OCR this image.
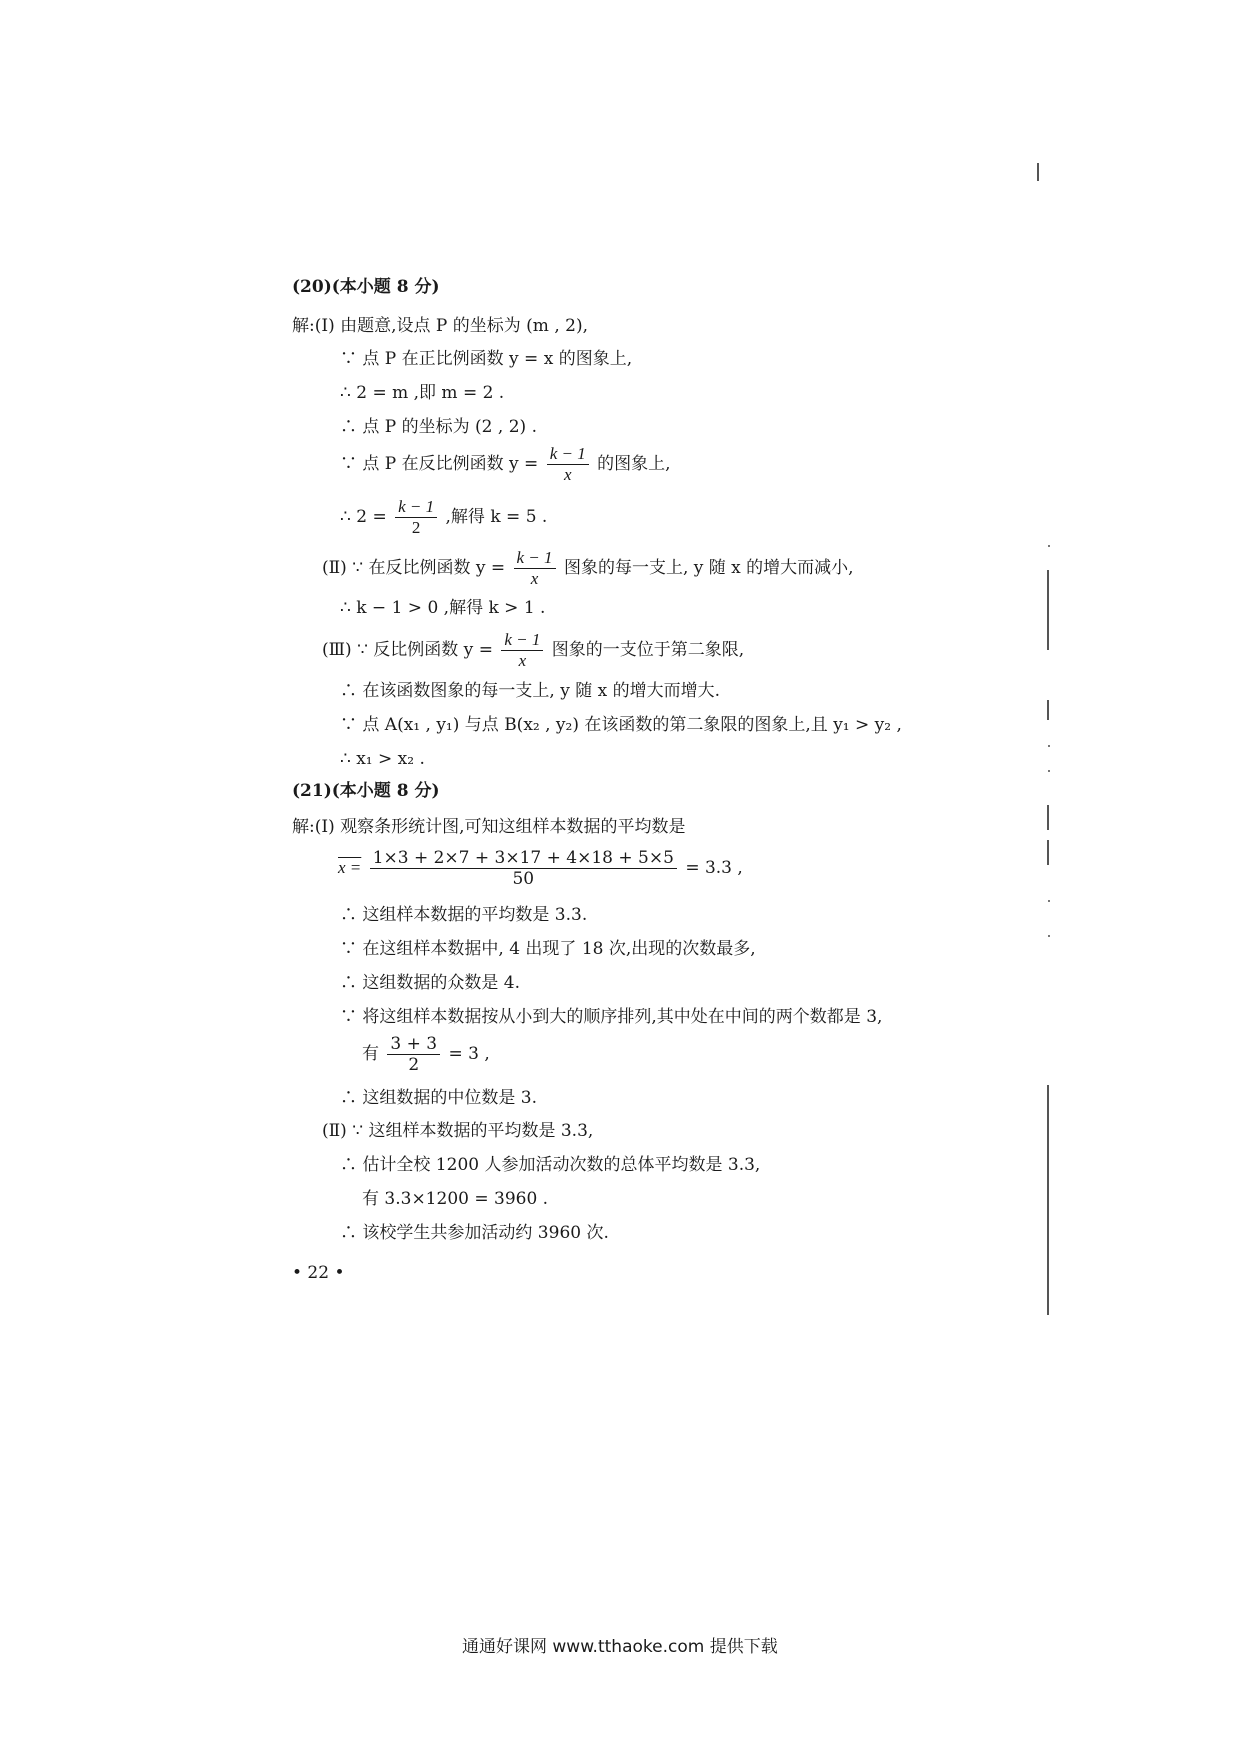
(20)(本小题 8 分)
解:(Ⅰ) 由题意,设点 P 的坐标为 (m , 2),
∵ 点 P 在正比例函数 y = x 的图象上,
∴ 2 = m ,即 m = 2 .
∴ 点 P 的坐标为 (2 , 2) .
∵ 点 P 在反比例函数 $y = \frac{k - 1}{x}$ 的图象上,
∴ $2 = \frac{k - 1}{2}$ ,解得 k = 5 .
(Ⅱ) ∵ 在反比例函数 $y = \frac{k - 1}{x}$ 图象的每一支上, y 随 x 的增大而减小,
∴ k − 1 > 0 ,解得 k > 1 .
(Ⅲ) ∵ 反比例函数 $y = \frac{k - 1}{x}$ 图象的一支位于第二象限,
∴ 在该函数图象的每一支上, y 随 x 的增大而增大.
∵ 点 A(x₁ , y₁) 与点 B(x₂ , y₂) 在该函数的第二象限的图象上,且 y₁ > y₂ ,
∴ x₁ > x₂ .
(21)(本小题 8 分)
解:(Ⅰ) 观察条形统计图,可知这组样本数据的平均数是
$x = \frac{1\times 3 + 2\times 7 + 3\times 17 + 4\times 18 + 5\times 5}{50} = 3.3$ ,
∴ 这组样本数据的平均数是 3.3.
∵ 在这组样本数据中, 4 出现了 18 次,出现的次数最多,
∴ 这组数据的众数是 4.
∵ 将这组样本数据按从小到大的顺序排列,其中处在中间的两个数都是 3,
有 $\frac{3 + 3}{2} = 3$ ,
∴ 这组数据的中位数是 3.
(Ⅱ) ∵ 这组样本数据的平均数是 3.3,
∴ 估计全校 1200 人参加活动次数的总体平均数是 3.3,
有 3.3×1200 = 3960 .
∴ 该校学生共参加活动约 3960 次.
• 22 •
通通好课网 www.tthaoke.com 提供下载
